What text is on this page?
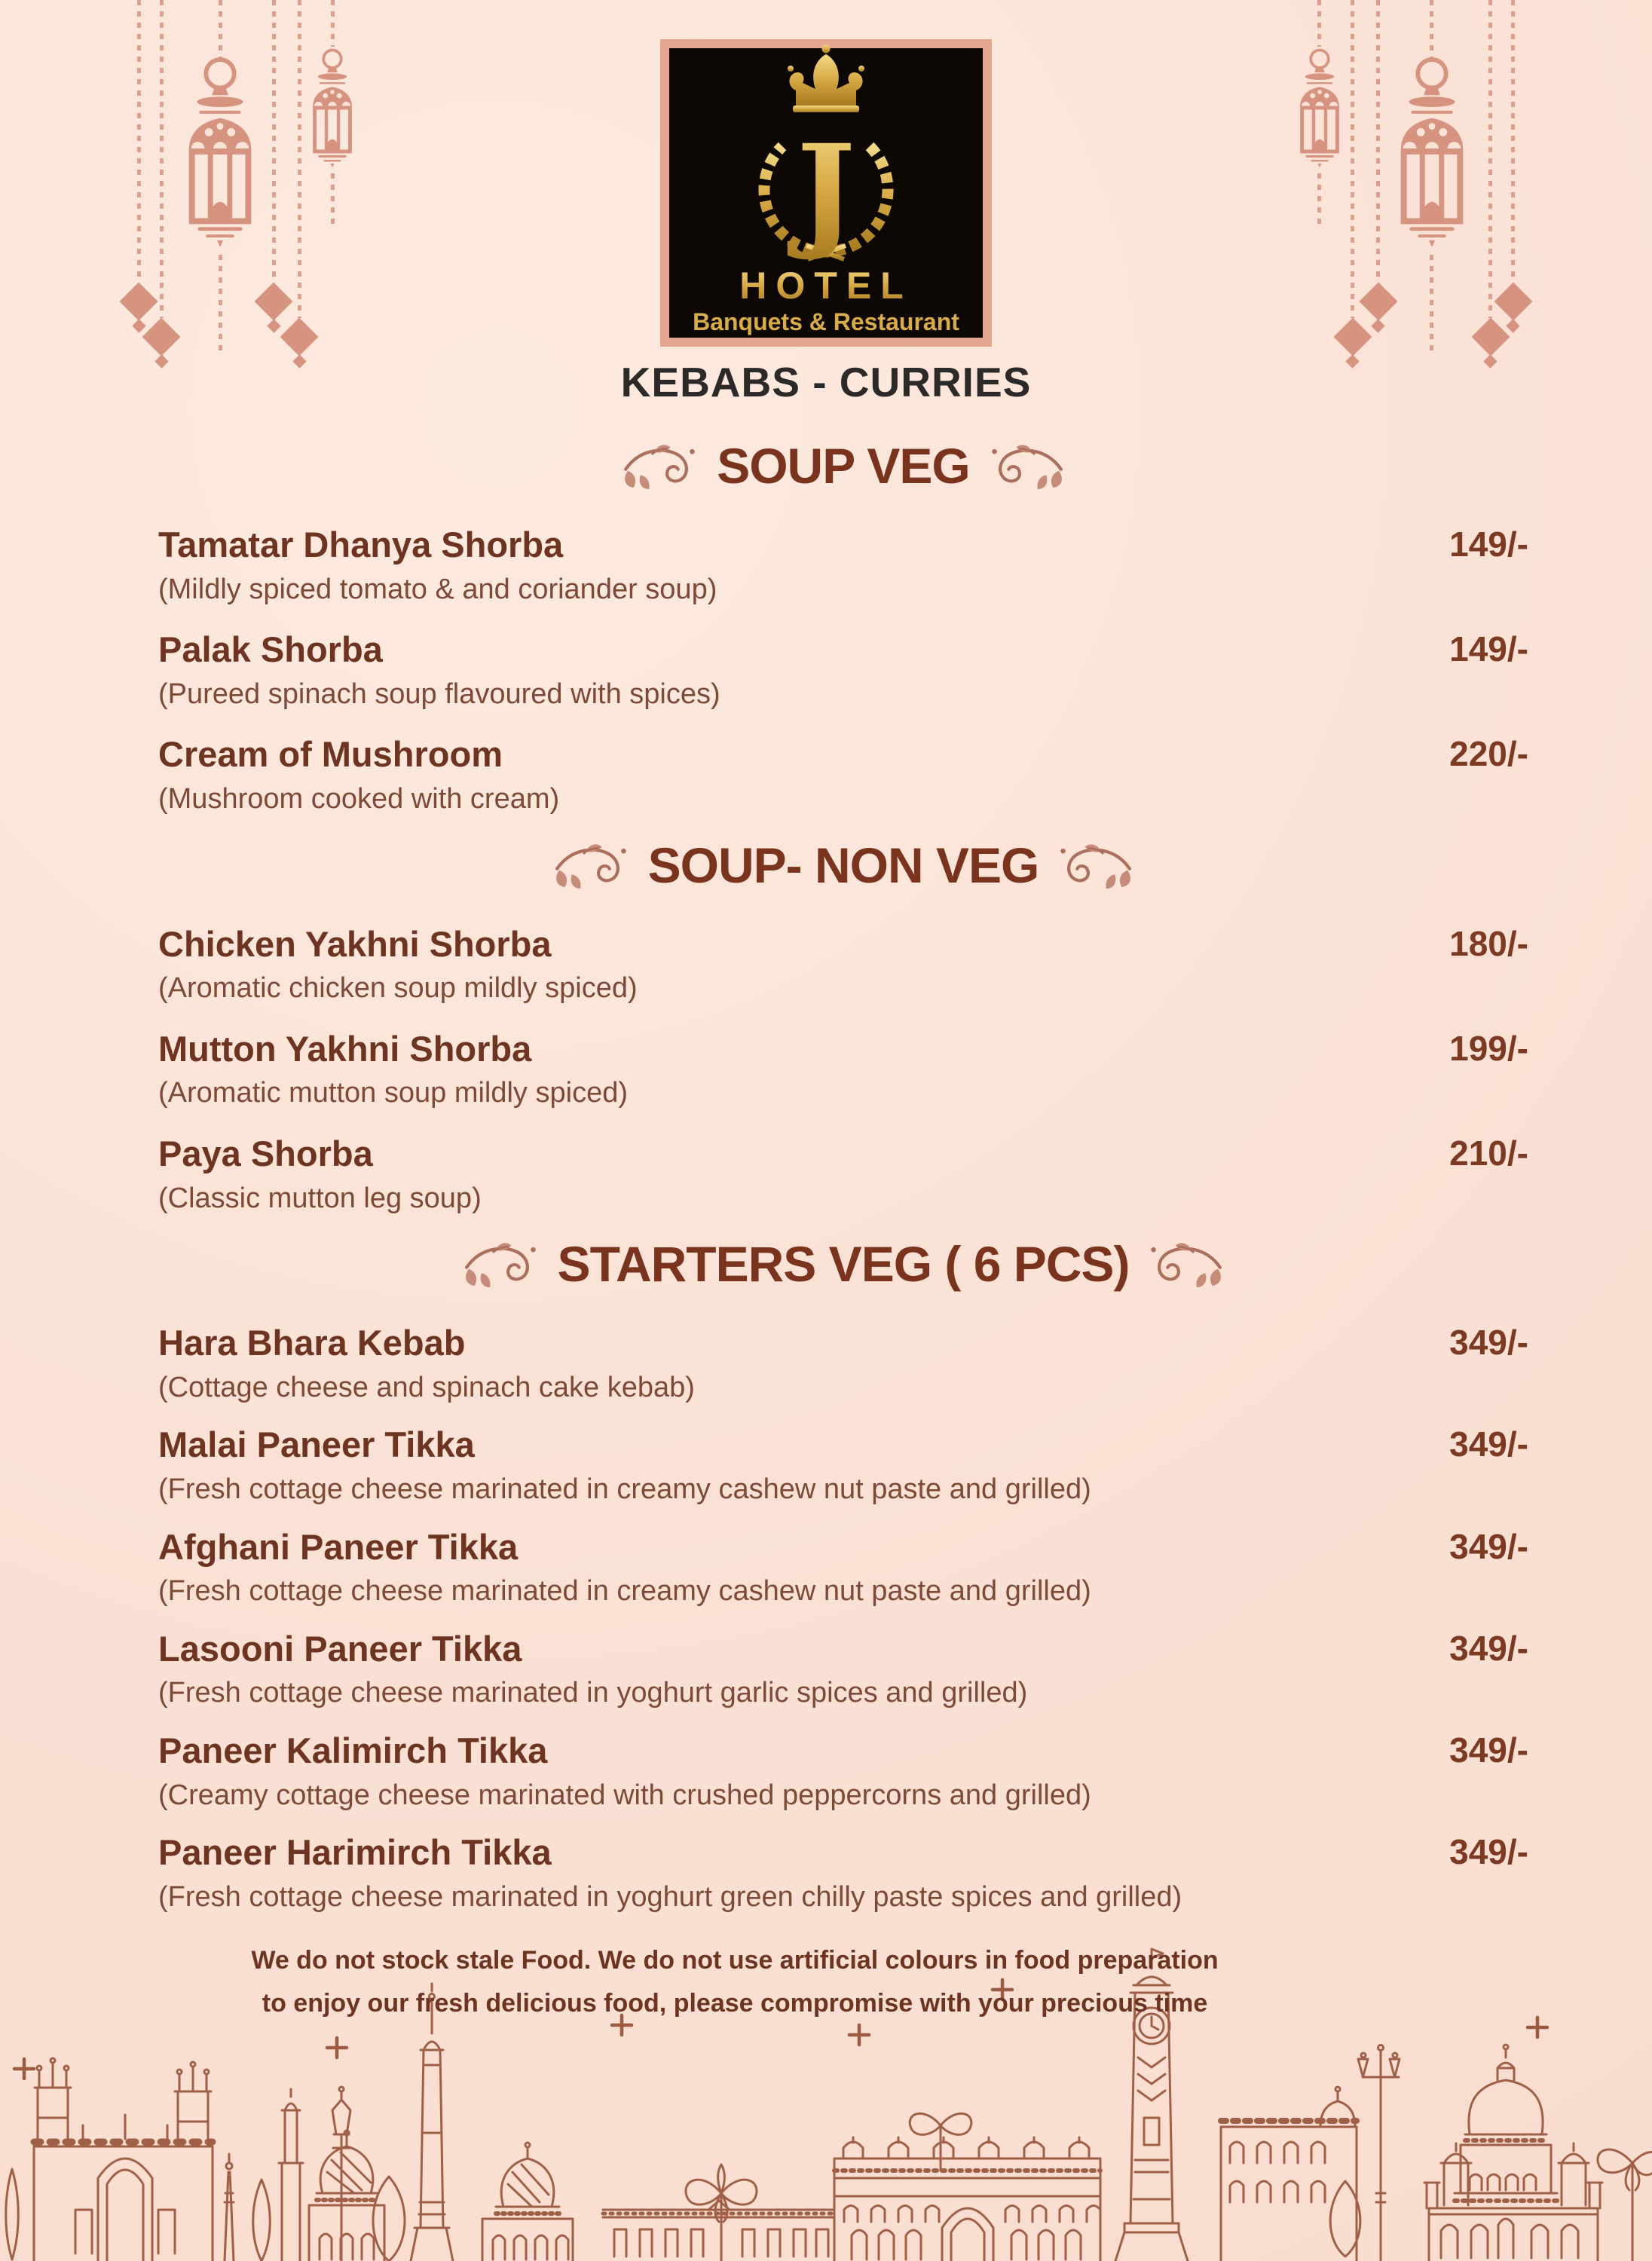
J
HOTEL
Banquets & Restaurant
KEBABS - CURRIES
SOUP VEG
Tamatar Dhanya Shorba
(Mildly spiced tomato & and coriander soup)
149/-
Palak Shorba
(Pureed spinach soup flavoured with spices)
149/-
Cream of Mushroom
(Mushroom cooked with cream)
220/-
SOUP- NON VEG
Chicken Yakhni Shorba
(Aromatic chicken soup mildly spiced)
180/-
Mutton Yakhni Shorba
(Aromatic mutton soup mildly spiced)
199/-
Paya Shorba
(Classic mutton leg soup)
210/-
STARTERS VEG ( 6 PCS)
Hara Bhara Kebab
(Cottage cheese and spinach cake kebab)
349/-
Malai Paneer Tikka
(Fresh cottage cheese marinated in creamy cashew nut paste and grilled)
349/-
Afghani Paneer Tikka
(Fresh cottage cheese marinated in creamy cashew nut paste and grilled)
349/-
Lasooni Paneer Tikka
(Fresh cottage cheese marinated in yoghurt garlic spices and grilled)
349/-
Paneer Kalimirch Tikka
(Creamy cottage cheese marinated with crushed peppercorns and grilled)
349/-
Paneer Harimirch Tikka
(Fresh cottage cheese marinated in yoghurt green chilly paste spices and grilled)
349/-
We do not stock stale Food. We do not use artificial colours in food preparation
to enjoy our fresh delicious food, please compromise with your precious time
